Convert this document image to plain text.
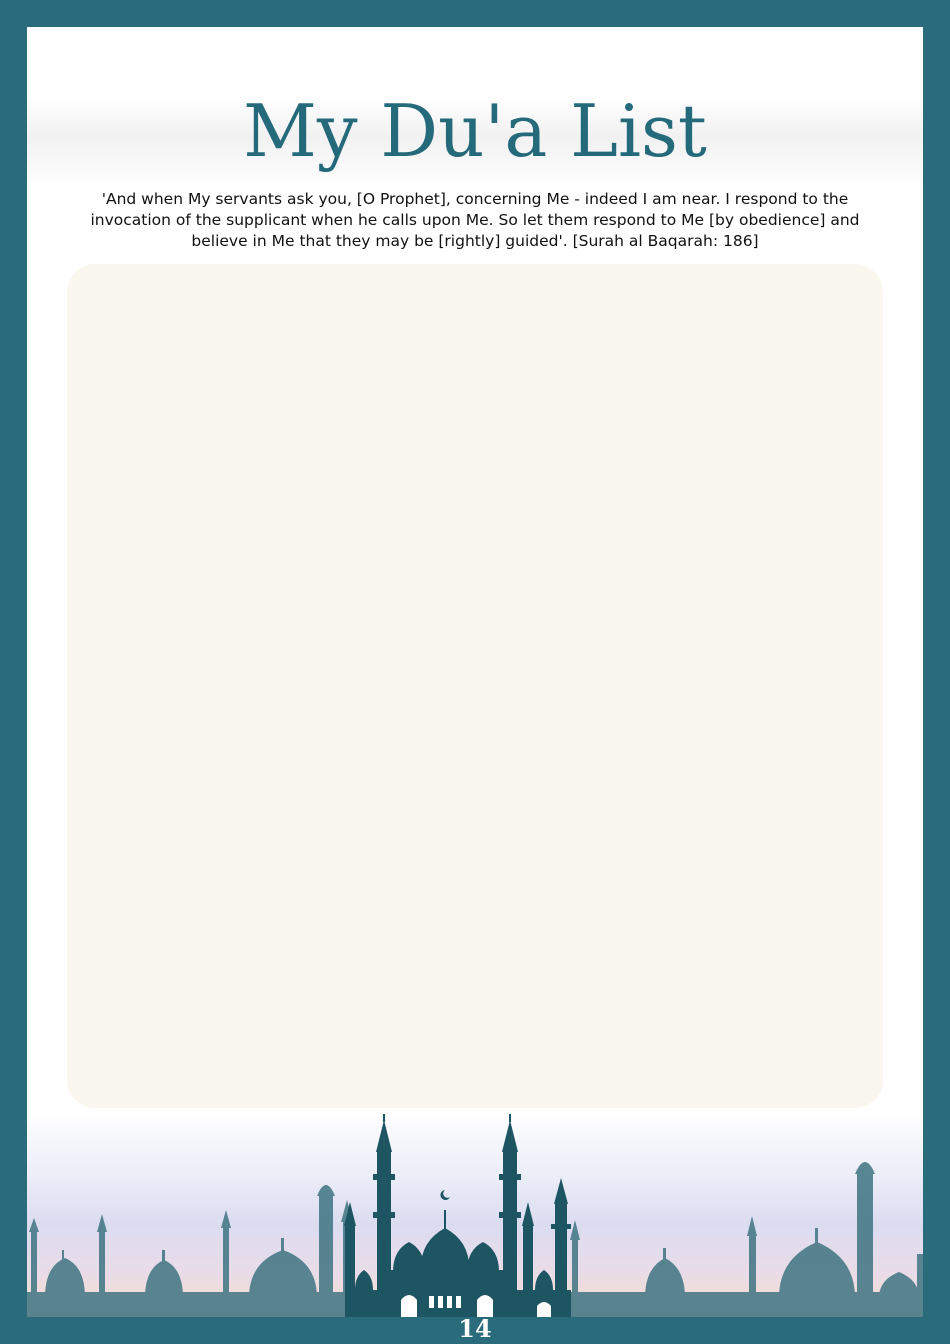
My Du'a List

'And when My servants ask you, [O Prophet], concerning Me - indeed I am near. I respond to the invocation of the supplicant when he calls upon Me. So let them respond to Me [by obedience] and believe in Me that they may be [rightly] guided'. [Surah al Baqarah: 186]

14
